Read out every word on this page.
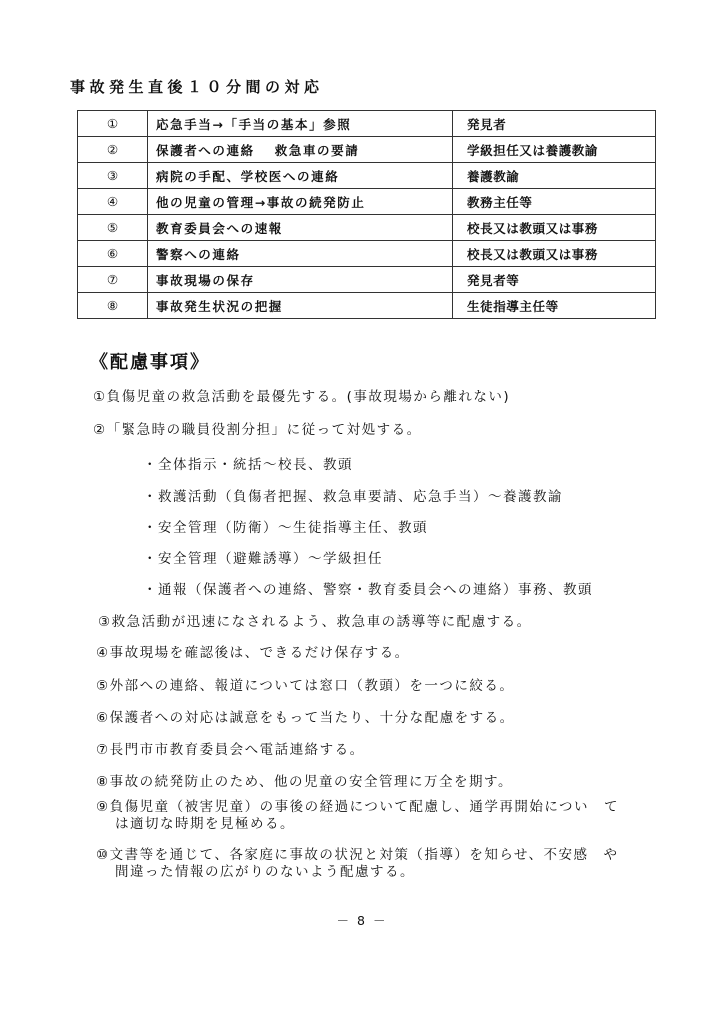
事故発生直後１０分間の対応
①	応急手当→「手当の基本」参照	発見者
②	保護者への連絡　 救急車の要請	学級担任又は養護教諭
③	病院の手配、学校医への連絡	養護教諭
④	他の児童の管理→事故の続発防止	教務主任等
⑤	教育委員会への速報	校長又は教頭又は事務
⑥	警察への連絡	校長又は教頭又は事務
⑦	事故現場の保存	発見者等
⑧	事故発生状況の把握	生徒指導主任等
《配慮事項》
①負傷児童の救急活動を最優先する。(事故現場から離れない)
②「緊急時の職員役割分担」に従って対処する。
・全体指示・統括～校長、教頭
・救護活動（負傷者把握、救急車要請、応急手当）～養護教諭
・安全管理（防衛）～生徒指導主任、教頭
・安全管理（避難誘導）～学級担任
・通報（保護者への連絡、警察・教育委員会への連絡）事務、教頭
③救急活動が迅速になされるよう、救急車の誘導等に配慮する。
④事故現場を確認後は、できるだけ保存する。
⑤外部への連絡、報道については窓口（教頭）を一つに絞る。
⑥保護者への対応は誠意をもって当たり、十分な配慮をする。
⑦長門市市教育委員会へ電話連絡する。
⑧事故の続発防止のため、他の児童の安全管理に万全を期す。
⑨負傷児童（被害児童）の事後の経過について配慮し、通学再開始につい　て
は適切な時期を見極める。
⑩文書等を通じて、各家庭に事故の状況と対策（指導）を知らせ、不安感　や
間違った情報の広がりのないよう配慮する。
－ 8 －
